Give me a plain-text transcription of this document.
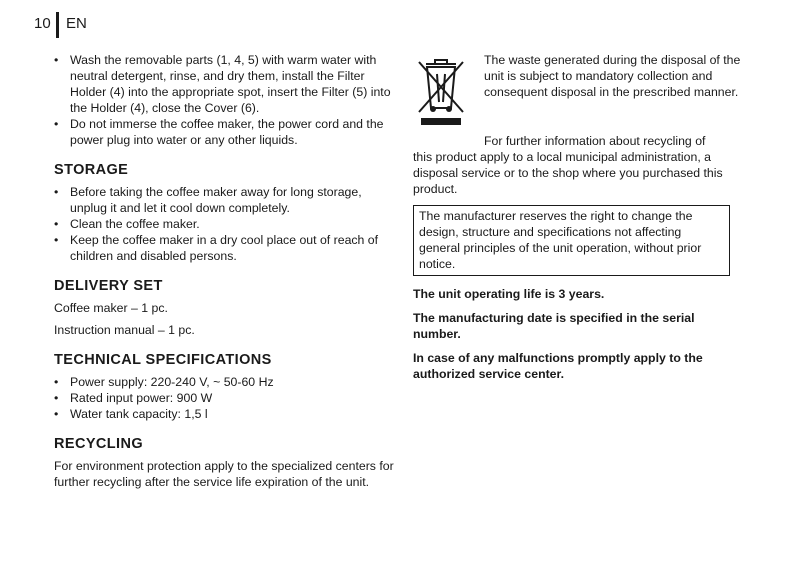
10 EN
• Wash the removable parts (1, 4, 5) with warm water with neutral detergent, rinse, and dry them, install the Filter Holder (4) into the appropriate spot, insert the Filter (5) into the Holder (4), close the Cover (6).
• Do not immerse the coffee maker, the power cord and the power plug into water or any other liquids.
STORAGE
• Before taking the coffee maker away for long storage, unplug it and let it cool down completely.
• Clean the coffee maker.
• Keep the coffee maker in a dry cool place out of reach of children and disabled persons.
DELIVERY SET

Coffee maker – 1 pc.

Instruction manual – 1 pc.

TECHNICAL SPECIFICATIONS
• Power supply: 220-240 V, ~ 50-60 Hz
• Rated input power: 900 W
• Water tank capacity: 1,5 l
RECYCLING

For environment protection apply to the specialized centers for further recycling after the service life expiration of the unit.

The waste generated during the disposal of the unit is subject to mandatory collection and consequent disposal in the prescribed manner.

For further information about recycling of
this product apply to a local municipal administration, a disposal service or to the shop where you purchased this product.

The manufacturer reserves the right to change the design, structure and specifications not affecting general principles of the unit operation, without prior notice.

The unit operating life is 3 years.

The manufacturing date is specified in the serial number.

In case of any malfunctions promptly apply to the authorized service center.
